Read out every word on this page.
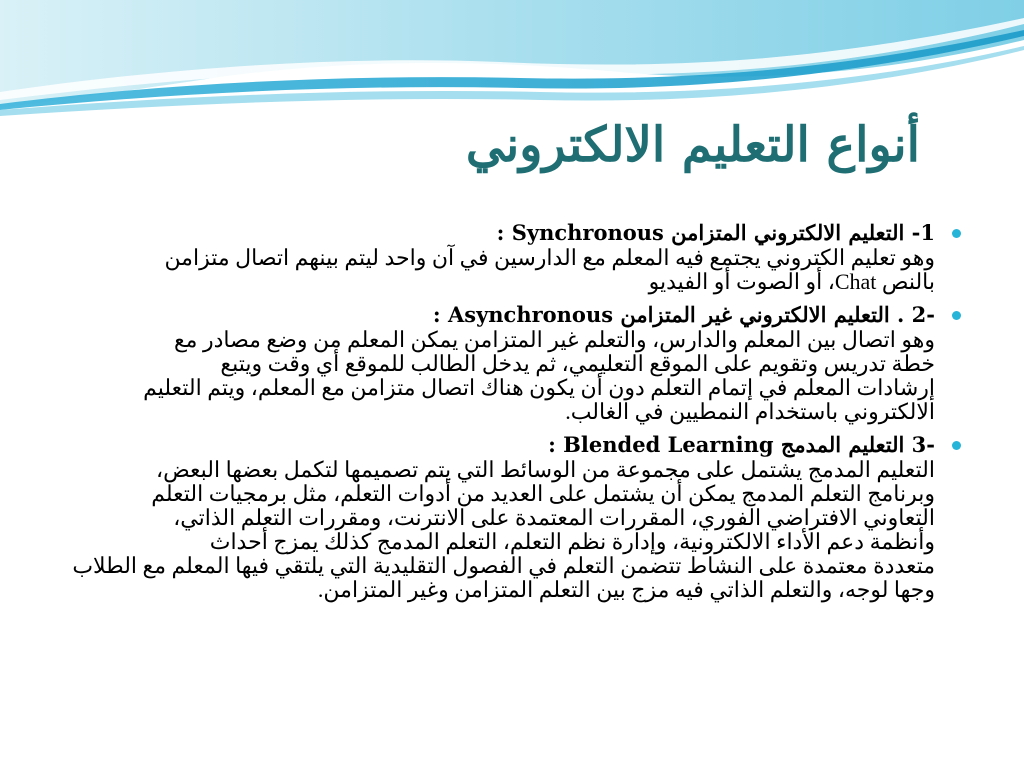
أنواع التعليم الالكتروني

-1 التعليم الالكتروني المتزامن Synchronous :

وهو تعليم الكتروني يجتمع فيه المعلم مع الدارسين في آن واحد ليتم بينهم اتصال متزامن
بالنص Chat، أو الصوت أو الفيديو

. 2- التعليم الالكتروني غير المتزامن Asynchronous :

وهو اتصال بين المعلم والدارس، والتعلم غير المتزامن يمكن المعلم من وضع مصادر مع
خطة تدريس وتقويم على الموقع التعليمي، ثم يدخل الطالب للموقع أي وقت ويتبع
إرشادات المعلم في إتمام التعلم دون أن يكون هناك اتصال متزامن مع المعلم، ويتم التعليم
الالكتروني باستخدام النمطيين في الغالب.

3- التعليم المدمج Blended Learning :

التعليم المدمج يشتمل على مجموعة من الوسائط التي يتم تصميمها لتكمل بعضها البعض،
وبرنامج التعلم المدمج يمكن أن يشتمل على العديد من أدوات التعلم، مثل برمجيات التعلم
التعاوني الافتراضي الفوري، المقررات المعتمدة على الانترنت، ومقررات التعلم الذاتي،
وأنظمة دعم الأداء الالكترونية، وإدارة نظم التعلم، التعلم المدمج كذلك يمزج أحداث
متعددة معتمدة على النشاط تتضمن التعلم في الفصول التقليدية التي يلتقي فيها المعلم مع الطلاب
وجها لوجه، والتعلم الذاتي فيه مزج بين التعلم المتزامن وغير المتزامن.
